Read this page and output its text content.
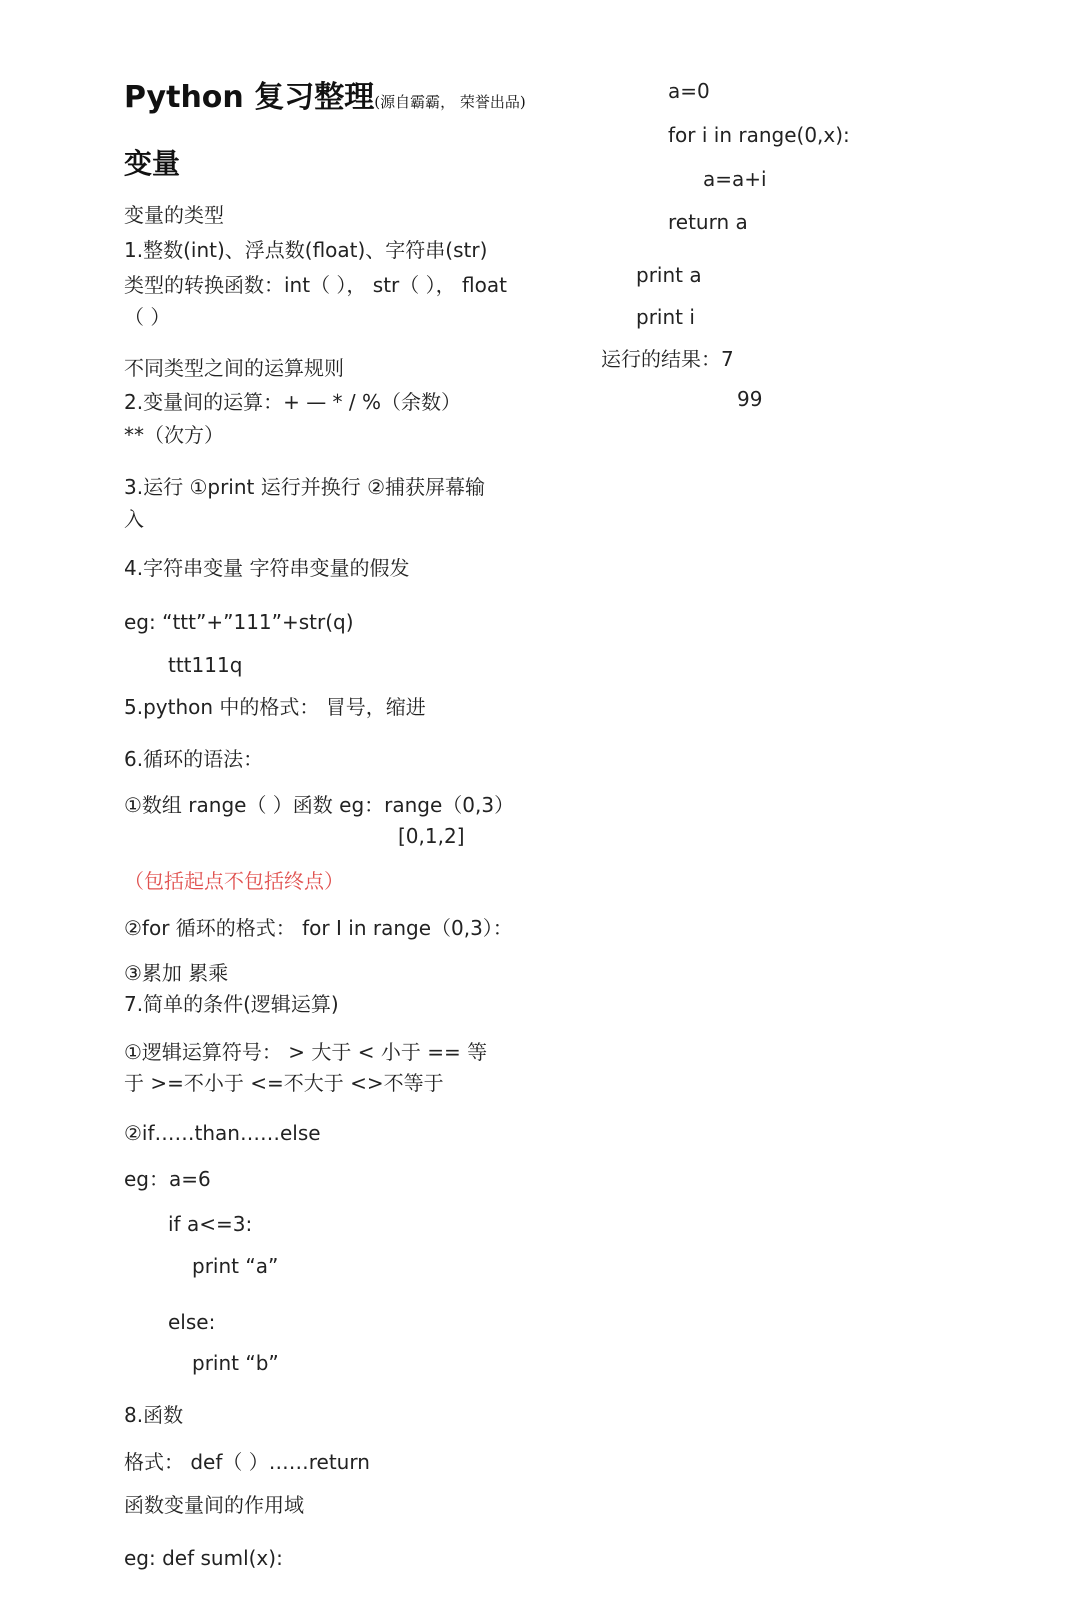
Python 复习整理(源自霸霸， 荣誉出品)
变量
变量的类型
1.整数(int)、浮点数(float)、字符串(str)
类型的转换函数：int（ ）， str（ ）， float
（ ）
不同类型之间的运算规则
2.变量间的运算：+ — * / %（余数）
**（次方）
3.运行 ①print 运行并换行 ②捕获屏幕输
入
4.字符串变量 字符串变量的假发
eg: “ttt”+”111”+str(q)
ttt111q
5.python 中的格式： 冒号，缩进
6.循环的语法：
①数组 range（ ）函数 eg：range（0,3）
[0,1,2]
（包括起点不包括终点）
②for 循环的格式： for I in range（0,3）：
③累加 累乘
7.简单的条件(逻辑运算)
①逻辑运算符号： > 大于 < 小于 == 等
于 >=不小于 <=不大于 <>不等于
②if……than……else
eg：a=6
if a<=3:
print “a”
else:
print “b”
8.函数
格式： def（ ）……return
函数变量间的作用域
eg: def suml(x):
a=0
for i in range(0,x):
a=a+i
return a
print a
print i
运行的结果：7
99
